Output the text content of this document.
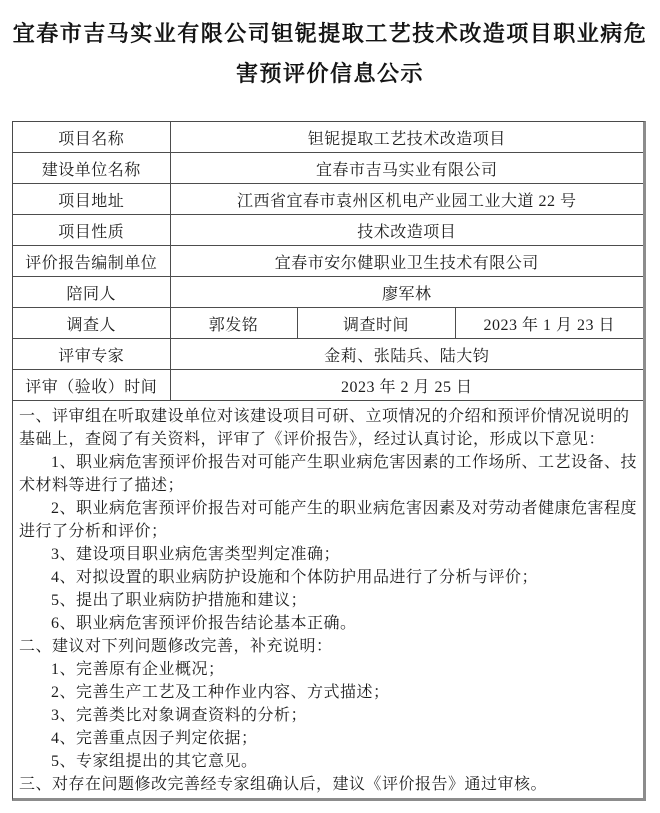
宜春市吉马实业有限公司钽铌提取工艺技术改造项目职业病危害预评价信息公示
项目名称	钽铌提取工艺技术改造项目		
建设单位名称	宜春市吉马实业有限公司		
项目地址	江西省宜春市袁州区机电产业园工业大道 22 号		
项目性质	技术改造项目		
评价报告编制单位	宜春市安尔健职业卫生技术有限公司		
陪同人	廖军林		
调查人	郭发铭	调查时间	2023 年 1 月 23 日
评审专家	金莉、张陆兵、陆大钧		
评审（验收）时间	2023 年 2 月 25 日		
一、评审组在听取建设单位对该建设项目可研、立项情况的介绍和预评价情况说明的基础上，查阅了有关资料，评审了《评价报告》，经过认真讨论，形成以下意见：
1、职业病危害预评价报告对可能产生职业病危害因素的工作场所、工艺设备、技术材料等进行了描述；
2、职业病危害预评价报告对可能产生的职业病危害因素及对劳动者健康危害程度进行了分析和评价；
3、建设项目职业病危害类型判定准确；
4、对拟设置的职业病防护设施和个体防护用品进行了分析与评价；
5、提出了职业病防护措施和建议；
6、职业病危害预评价报告结论基本正确。
二、建议对下列问题修改完善，补充说明：
1、完善原有企业概况；
2、完善生产工艺及工种作业内容、方式描述；
3、完善类比对象调查资料的分析；
4、完善重点因子判定依据；
5、专家组提出的其它意见。
三、对存在问题修改完善经专家组确认后，建议《评价报告》通过审核。
